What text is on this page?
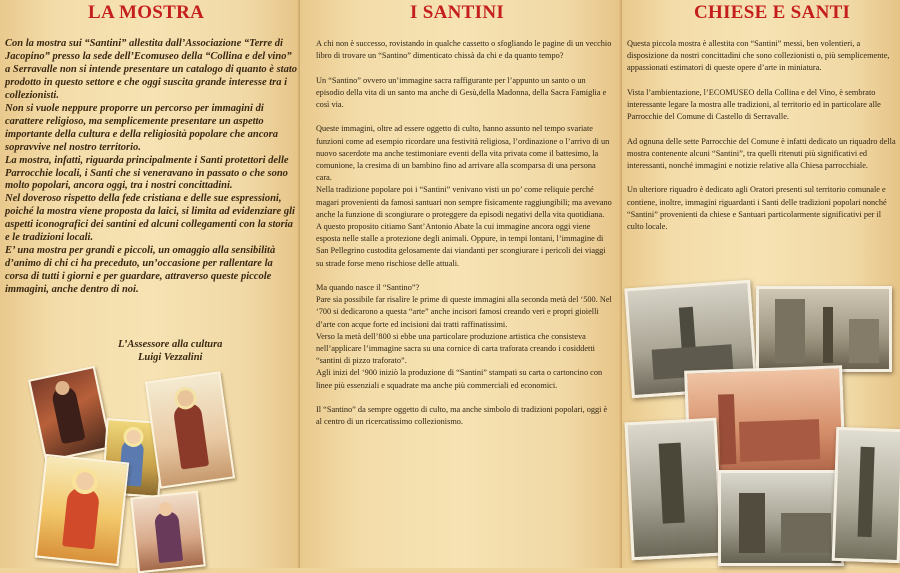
LA MOSTRA

Con la mostra sui “Santini” allestita dall’Associazione “Terre di Jacopino” presso la sede dell’Ecomuseo della “Collina e del vino” a Serravalle non si intende presentare un catalogo di quanto è stato prodotto in questo settore e che oggi suscita grande interesse tra i collezionisti.

Non si vuole neppure proporre un percorso per immagini di carattere religioso, ma semplicemente presentare un aspetto importante della cultura e della religiosità popolare che ancora sopravvive nel nostro territorio.

La mostra, infatti, riguarda principalmente i Santi protettori delle Parrocchie locali, i Santi che si veneravano in passato o che sono molto popolari, ancora oggi, tra i nostri concittadini.

Nel doveroso rispetto della fede cristiana e delle sue espressioni, poiché la mostra viene proposta da laici, si limita ad evidenziare gli aspetti iconografici dei santini ed alcuni collegamenti con la storia e le tradizioni locali.

E’ una mostra per grandi e piccoli, un omaggio alla sensibilità d’animo di chi ci ha preceduto, un’occasione per rallentare la corsa di tutti i giorni e per guardare, attraverso queste piccole immagini, anche dentro di noi.

L’Assessore alla cultura
Luigi Vezzalini
I SANTINI

A chi non è successo, rovistando in qualche cassetto o sfogliando le pagine di un vecchio libro di trovare un “Santino” dimenticato chissà da chi e da quanto tempo?

Un “Santino” ovvero un’immagine sacra raffigurante per l’appunto un santo o un episodio della vita di un santo ma anche di Gesù,della Madonna, della Sacra Famiglia e così via.

Queste immagini, oltre ad essere oggetto di culto, hanno assunto nel tempo svariate funzioni come ad esempio ricordare una festività religiosa, l’ordinazione o l’arrivo di un nuovo sacerdote ma anche testimoniare eventi della vita privata come il battesimo, la comunione, la cresima di un bambino fino ad arrivare alla scomparsa di una persona cara.
Nella tradizione popolare poi i “Santini” venivano visti un po’ come reliquie perché magari provenienti da famosi santuari non sempre fisicamente raggiungibili; ma avevano anche la funzione di scongiurare o proteggere da episodi negativi della vita quotidiana.
A questo proposito citiamo Sant’Antonio Abate la cui immagine ancora oggi viene esposta nelle stalle a protezione degli animali. Oppure, in tempi lontani, l’immagine di San Pellegrino custodita gelosamente dai viandanti per scongiurare i pericoli dei viaggi su strade forse meno rischiose delle attuali.

Ma quando nasce il “Santino”?
Pare sia possibile far risalire le prime di queste immagini alla seconda metà del ‘500. Nel ‘700 si dedicarono a questa “arte” anche incisori famosi creando veri e propri gioielli d’arte con acque forte ed incisioni dai tratti raffinatissimi.
Verso la metà dell’800 si ebbe una particolare produzione artistica che consisteva nell’applicare l’immagine sacra su una cornice di carta traforata creando i cosiddetti “santini di pizzo traforato”.
Agli inizi del ‘900 iniziò la produzione di “Santini” stampati su carta o cartoncino con linee più essenziali e squadrate ma anche più commerciali ed economici.

Il “Santino” da sempre oggetto di culto, ma anche simbolo di tradizioni popolari, oggi è al centro di un ricercatissimo collezionismo.

CHIESE E SANTI

Questa piccola mostra è allestita con “Santini” messi, ben volentieri, a disposizione da nostri concittadini che sono collezionisti o, più semplicemente, appassionati estimatori di queste opere d’arte in miniatura.

Vista l’ambientazione, l’ECOMUSEO della Collina e del Vino, è sembrato interessante legare la mostra alle tradizioni, al territorio ed in particolare alle Parrocchie del Comune di Castello di Serravalle.

Ad ognuna delle sette Parrocchie del Comune è infatti dedicato un riquadro della mostra contenente alcuni “Santini”, tra quelli ritenuti più significativi ed interessanti, nonché immagini e notizie relative alla Chiesa parrocchiale.

Un ulteriore riquadro è dedicato agli Oratori presenti sul territorio comunale e contiene, inoltre, immagini riguardanti i Santi delle tradizioni popolari nonché “Santini” provenienti da chiese e Santuari particolarmente significativi per il culto locale.
